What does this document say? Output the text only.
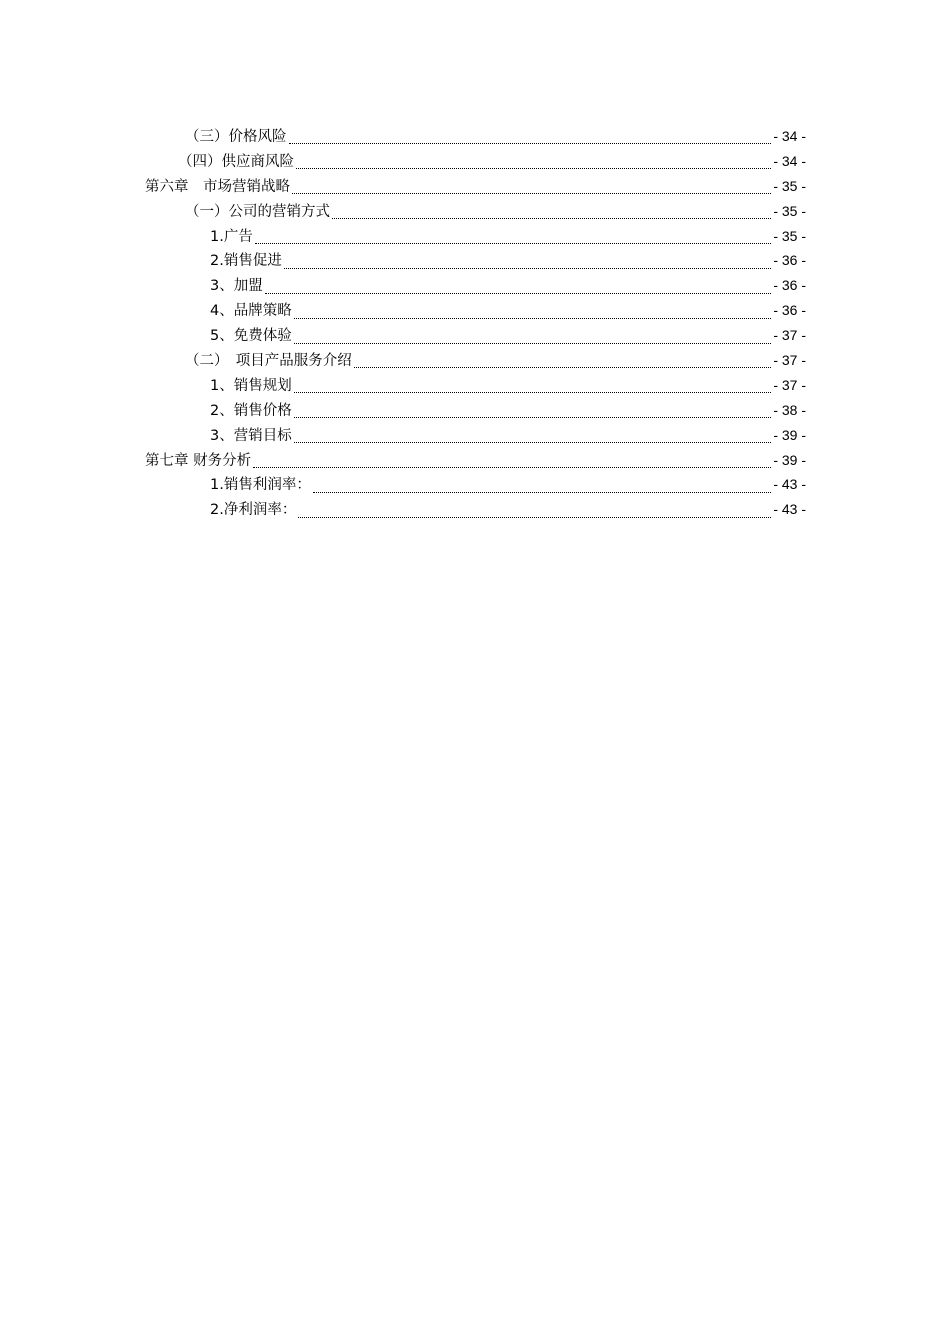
（三）价格风险	- 34 -
（四）供应商风险	- 34 -
第六章　市场营销战略	- 35 -
（一）公司的营销方式	- 35 -
1.广告	- 35 -
2.销售促进	- 36 -
3、加盟	- 36 -
4、品牌策略	- 36 -
5、免费体验	- 37 -
（二）　项目产品服务介绍	- 37 -
1、销售规划	- 37 -
2、销售价格	- 38 -
3、营销目标	- 39 -
第七章 财务分析	- 39 -
1.销售利润率：	- 43 -
2.净利润率：	- 43 -
